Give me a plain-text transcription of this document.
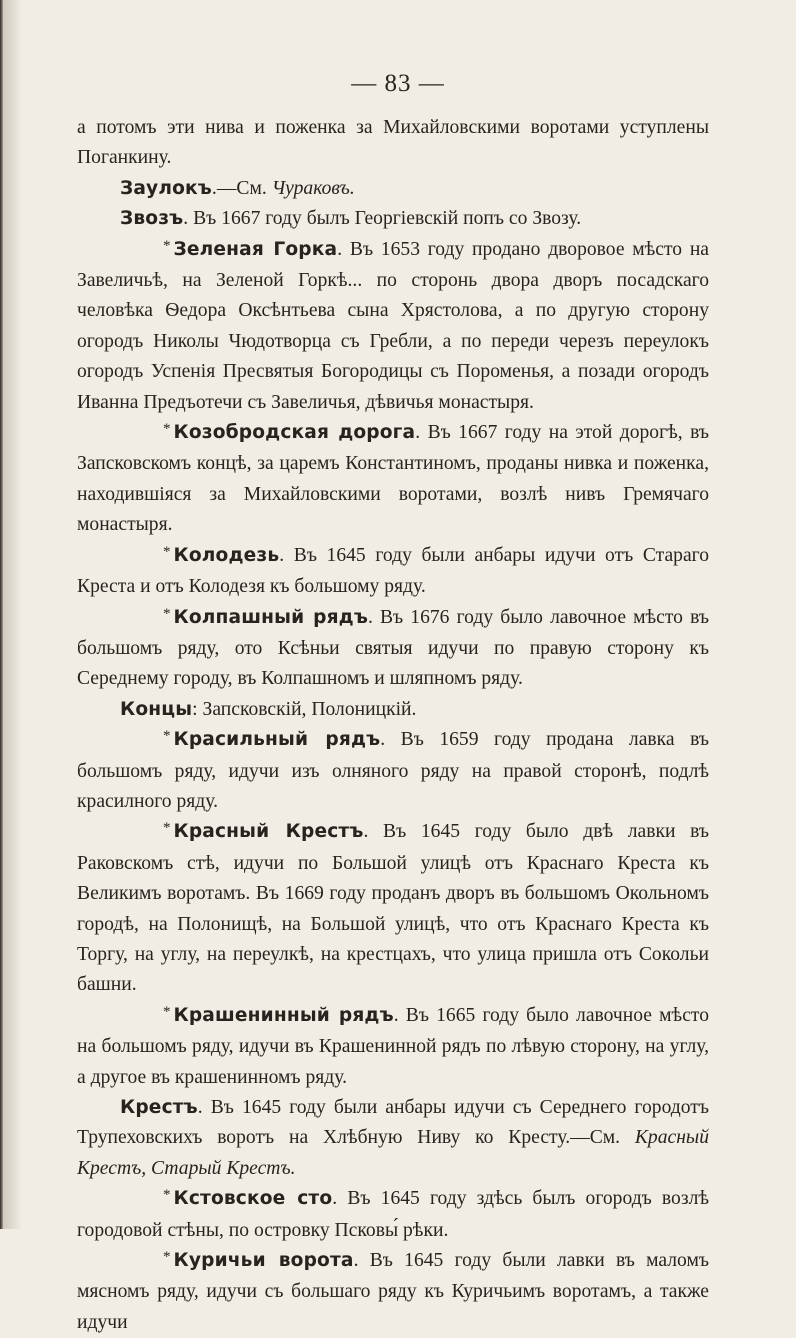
— 83 —

а потомъ эти нива и поженка за Михайловскими воротами уступлены Поганкину.

Заулокъ.—См. Чураковъ.

Звозъ. Въ 1667 году былъ Георгіевскій попъ со Звозу.

* Зеленая Горка. Въ 1653 году продано дворовое мѣсто на Завеличьѣ, на Зеленой Горкѣ... по сторонь двора дворъ посадскаго человѣка Ѳедора Оксѣнтьева сына Хрястолова, а по другую сторону огородъ Николы Чюдотворца съ Гребли, а по переди черезъ переулокъ огородъ Успенія Пресвятыя Богородицы съ Пороменья, а позади огородъ Иванна Предъотечи съ Завеличья, дѣвичья монастыря.

* Козобродская дорога. Въ 1667 году на этой дорогѣ, въ Запсковскомъ концѣ, за царемъ Константиномъ, проданы нивка и поженка, находившіяся за Михайловскими воротами, возлѣ нивъ Гремячаго монастыря.

* Колодезь. Въ 1645 году были анбары идучи отъ Стараго Креста и отъ Колодезя къ большому ряду.

* Колпашный рядъ. Въ 1676 году было лавочное мѣсто въ большомъ ряду, ото Ксѣньи святыя идучи по правую сторону къ Середнему городу, въ Колпашномъ и шляпномъ ряду.

Концы: Запсковскій, Полоницкій.

* Красильный рядъ. Въ 1659 году продана лавка въ большомъ ряду, идучи изъ олняного ряду на правой сторонѣ, подлѣ красилного ряду.

* Красный Крестъ. Въ 1645 году было двѣ лавки въ Раковскомъ стѣ, идучи по Большой улицѣ отъ Краснаго Креста къ Великимъ воротамъ. Въ 1669 году проданъ дворъ въ большомъ Окольномъ городѣ, на Полонищѣ, на Большой улицѣ, что отъ Краснаго Креста къ Торгу, на углу, на переулкѣ, на крестцахъ, что улица пришла отъ Сокольи башни.

* Крашенинный рядъ. Въ 1665 году было лавочное мѣсто на большомъ ряду, идучи въ Крашенинной рядъ по лѣвую сторону, на углу, а другое въ крашенинномъ ряду.

Крестъ. Въ 1645 году были анбары идучи съ Середнего городотъ Трупеховскихъ воротъ на Хлѣбную Ниву ко Кресту.—См. Красный Крестъ, Старый Крестъ.

* Кстовское сто. Въ 1645 году здѣсь былъ огородъ возлѣ городовой стѣны, по островку Псковы́ рѣки.

* Куричьи ворота. Въ 1645 году были лавки въ маломъ мясномъ ряду, идучи съ большаго ряду къ Куричьимъ воротамъ, а также идучи
